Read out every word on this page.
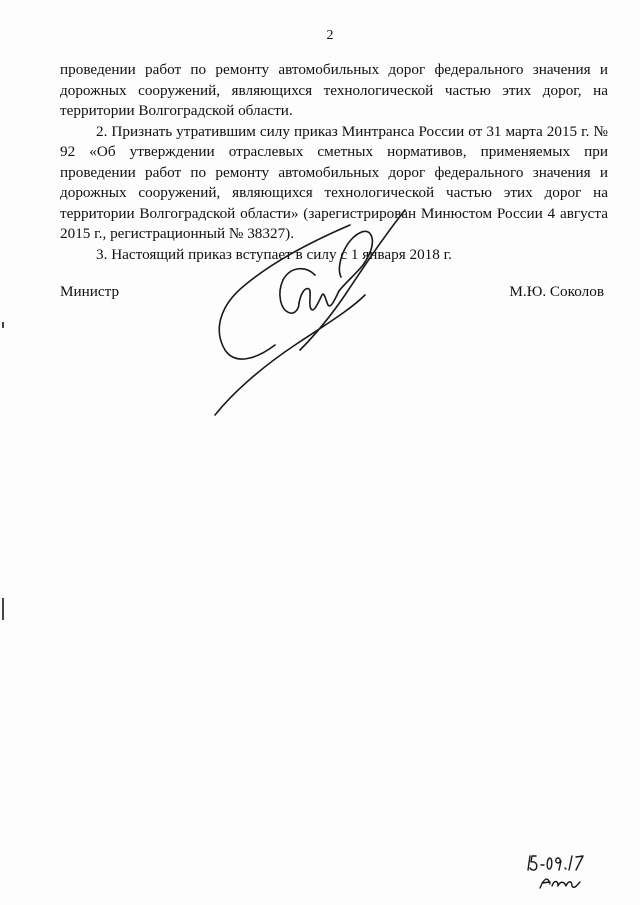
2

проведении работ по ремонту автомобильных дорог федерального значения и дорожных сооружений, являющихся технологической частью этих дорог, на территории Волгоградской области.

2. Признать утратившим силу приказ Минтранса России от 31 марта 2015 г. № 92 «Об утверждении отраслевых сметных нормативов, применяемых при проведении работ по ремонту автомобильных дорог федерального значения и дорожных сооружений, являющихся технологической частью этих дорог на территории Волгоградской области» (зарегистрирован Минюстом России 4 августа 2015 г., регистрационный № 38327).

3. Настоящий приказ вступает в силу с 1 января 2018 г.

Министр	М.Ю. Соколов
